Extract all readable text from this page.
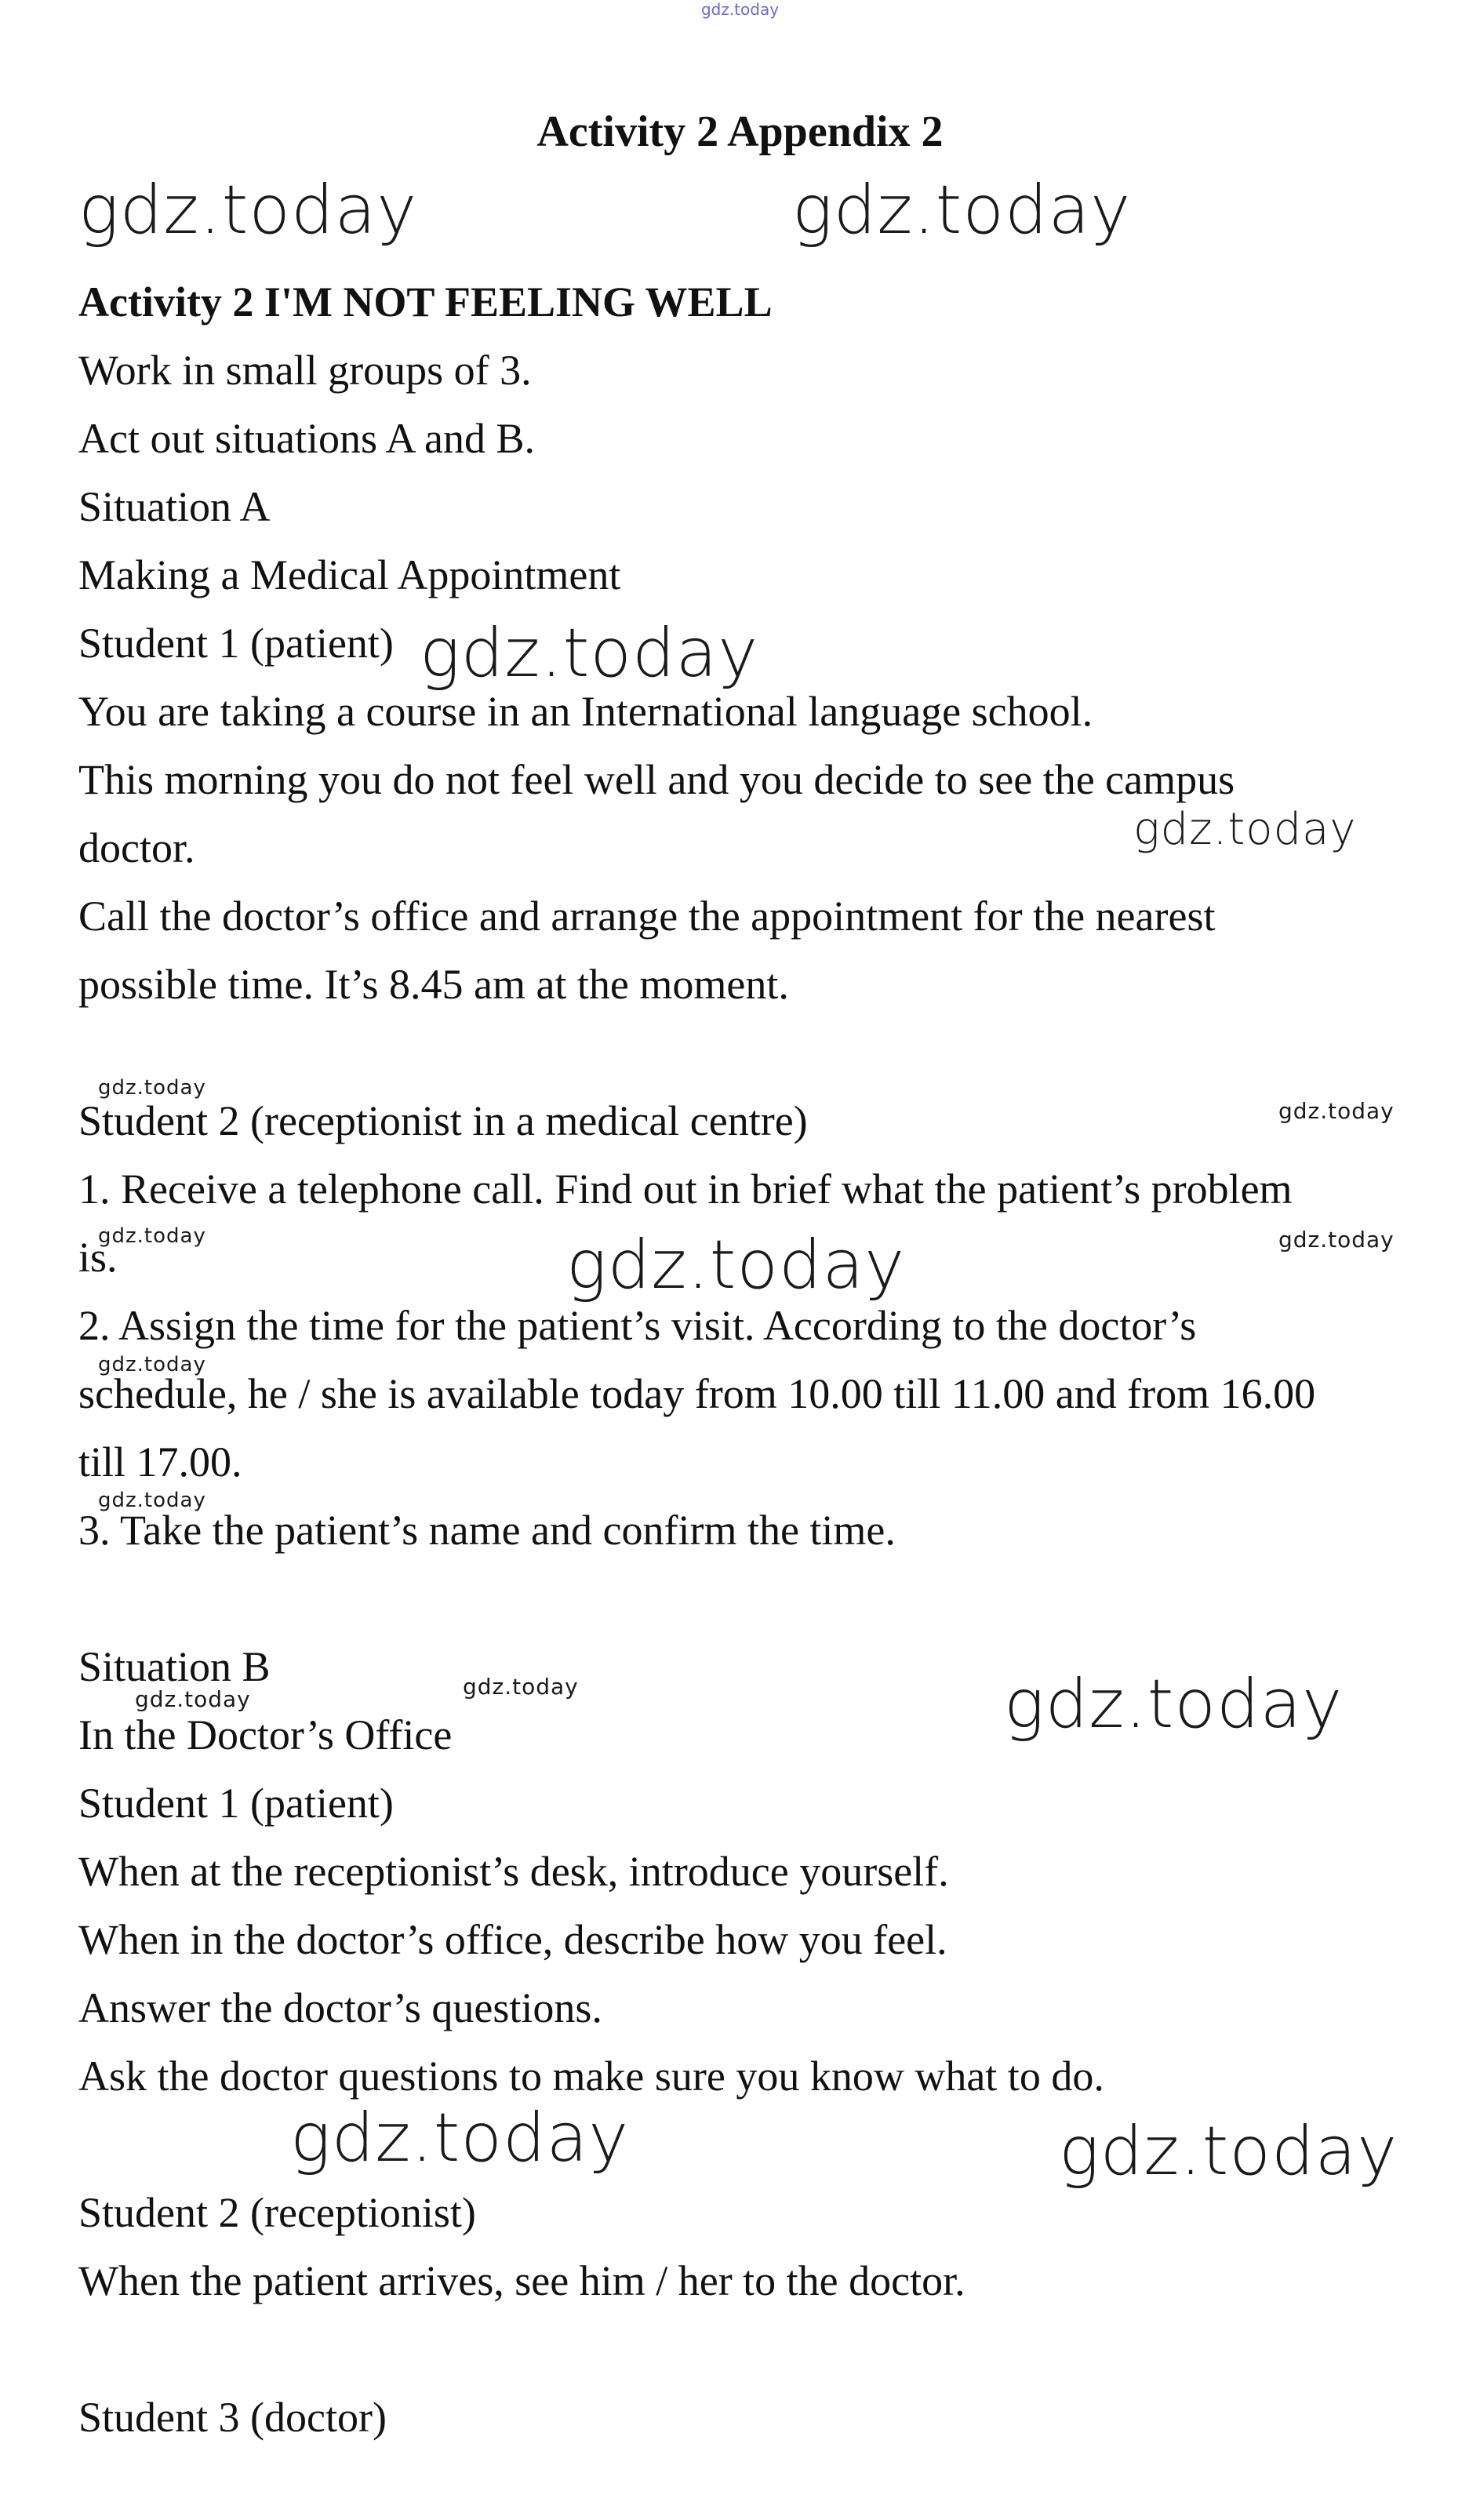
gdz.today
Activity 2 Appendix 2
gdz.today	gdz.today
Activity 2 I'M NOT FEELING WELL
Work in small groups of 3.
Act out situations A and B.
Situation A
Making a Medical Appointment
Student 1 (patient) gdz.today
You are taking a course in an International language school.
This morning you do not feel well and you decide to see the campus
doctor.	gdz.today
Call the doctor’s office and arrange the appointment for the nearest
possible time. It’s 8.45 am at the moment.
gdz.today
Student 2 (receptionist in a medical centre)	gdz.today
1. Receive a telephone call. Find out in brief what the patient’s problem
gdz.today	gdz.today
is.	gdz.today
2. Assign the time for the patient’s visit. According to the doctor’s
gdz.today
schedule, he / she is available today from 10.00 till 11.00 and from 16.00
till 17.00.
gdz.today
3. Take the patient’s name and confirm the time.
Situation B	gdz.today
gdz.today	gdz.today
In the Doctor’s Office
Student 1 (patient)
When at the receptionist’s desk, introduce yourself.
When in the doctor’s office, describe how you feel.
Answer the doctor’s questions.
Ask the doctor questions to make sure you know what to do.
gdz.today	gdz.today
Student 2 (receptionist)
When the patient arrives, see him / her to the doctor.
Student 3 (doctor)
